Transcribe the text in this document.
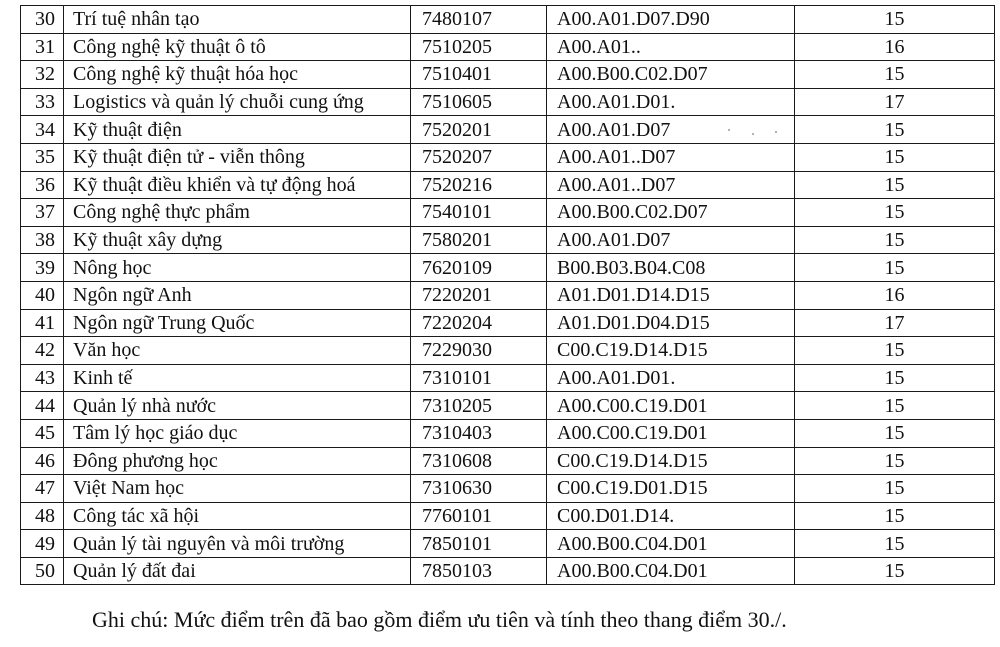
30	Trí tuệ nhân tạo	7480107	A00.A01.D07.D90	15
31	Công nghệ kỹ thuật ô tô	7510205	A00.A01..	16
32	Công nghệ kỹ thuật hóa học	7510401	A00.B00.C02.D07	15
33	Logistics và quản lý chuỗi cung ứng	7510605	A00.A01.D01.	17
34	Kỹ thuật điện	7520201	A00.A01.D07	15
35	Kỹ thuật điện tử - viễn thông	7520207	A00.A01..D07	15
36	Kỹ thuật điều khiển và tự động hoá	7520216	A00.A01..D07	15
37	Công nghệ thực phẩm	7540101	A00.B00.C02.D07	15
38	Kỹ thuật xây dựng	7580201	A00.A01.D07	15
39	Nông học	7620109	B00.B03.B04.C08	15
40	Ngôn ngữ Anh	7220201	A01.D01.D14.D15	16
41	Ngôn ngữ Trung Quốc	7220204	A01.D01.D04.D15	17
42	Văn học	7229030	C00.C19.D14.D15	15
43	Kinh tế	7310101	A00.A01.D01.	15
44	Quản lý nhà nước	7310205	A00.C00.C19.D01	15
45	Tâm lý học giáo dục	7310403	A00.C00.C19.D01	15
46	Đông phương học	7310608	C00.C19.D14.D15	15
47	Việt Nam học	7310630	C00.C19.D01.D15	15
48	Công tác xã hội	7760101	C00.D01.D14.	15
49	Quản lý tài nguyên và môi trường	7850101	A00.B00.C04.D01	15
50	Quản lý đất đai	7850103	A00.B00.C04.D01	15
Ghi chú: Mức điểm trên đã bao gồm điểm ưu tiên và tính theo thang điểm 30./.
